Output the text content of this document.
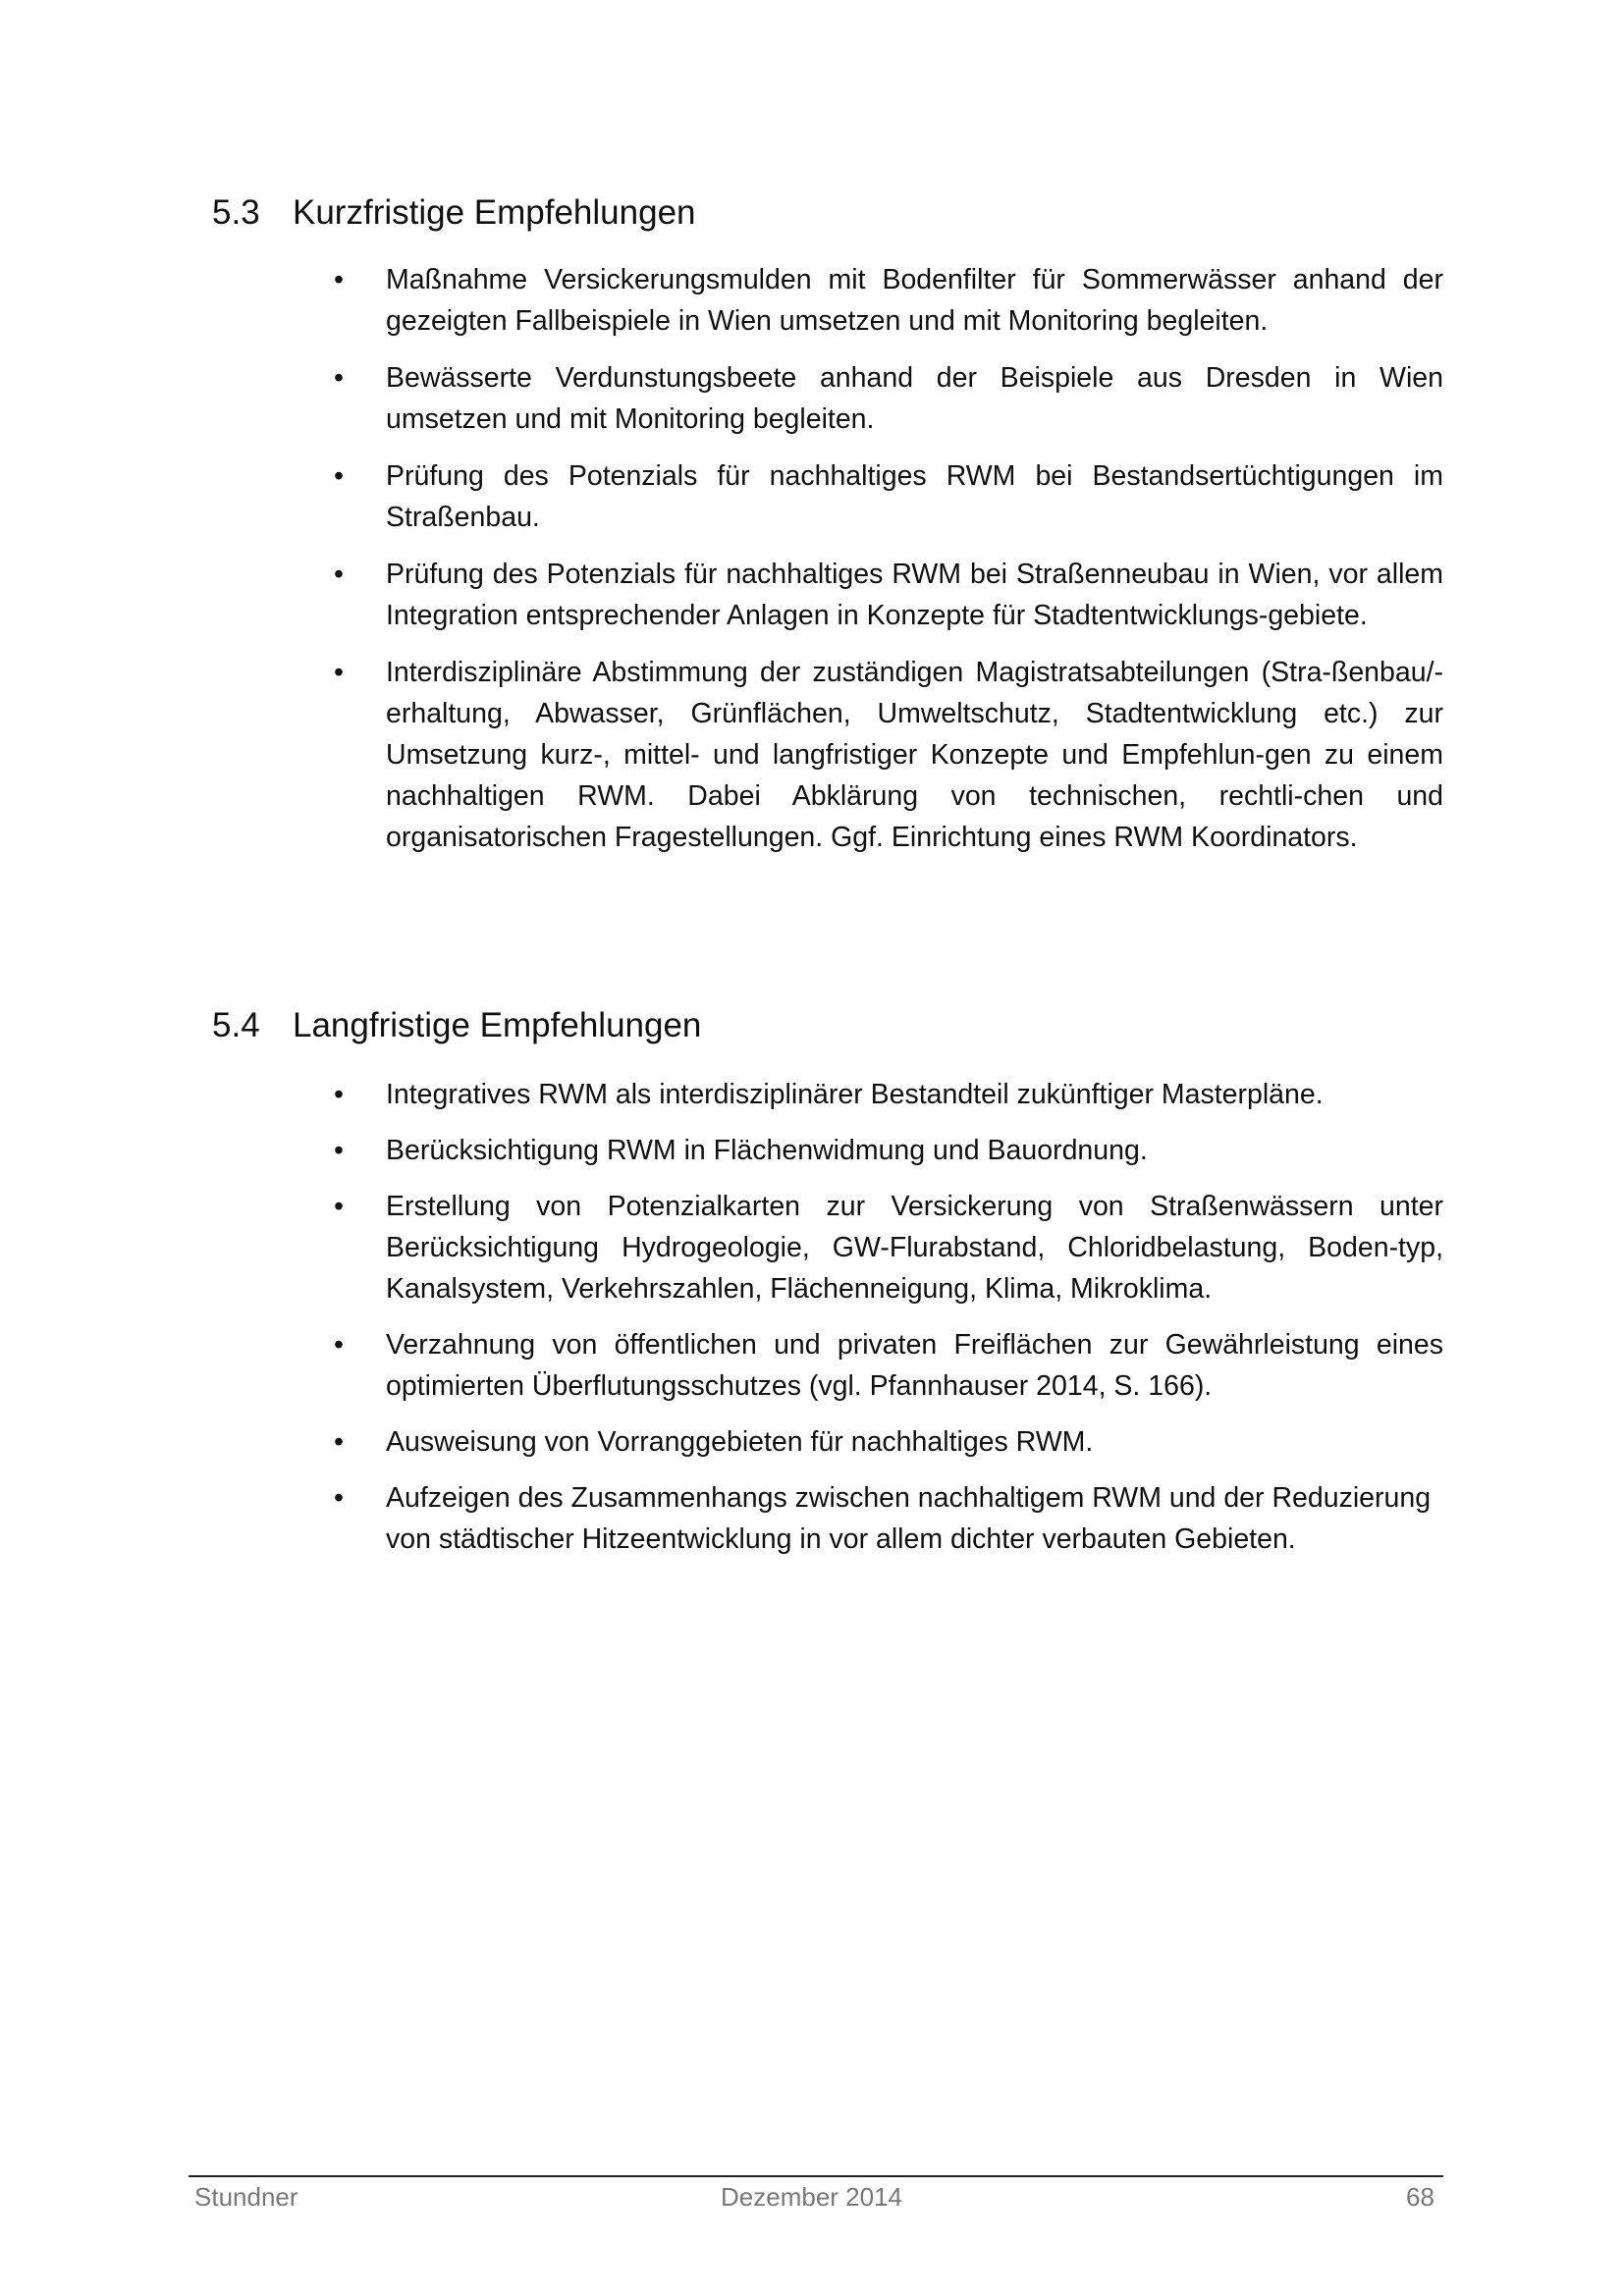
5.3 Kurzfristige Empfehlungen
•	Maßnahme Versickerungsmulden mit Bodenfilter für Sommerwässer anhand der gezeigten Fallbeispiele in Wien umsetzen und mit Monitoring begleiten.
•	Bewässerte Verdunstungsbeete anhand der Beispiele aus Dresden in Wien umsetzen und mit Monitoring begleiten.
•	Prüfung des Potenzials für nachhaltiges RWM bei Bestandsertüchtigungen im Straßenbau.
•	Prüfung des Potenzials für nachhaltiges RWM bei Straßenneubau in Wien, vor allem Integration entsprechender Anlagen in Konzepte für Stadtentwicklungs-gebiete.
•	Interdisziplinäre Abstimmung der zuständigen Magistratsabteilungen (Stra-ßenbau/-erhaltung, Abwasser, Grünflächen, Umweltschutz, Stadtentwicklung etc.) zur Umsetzung kurz-, mittel- und langfristiger Konzepte und Empfehlun-gen zu einem nachhaltigen RWM. Dabei Abklärung von technischen, rechtli-chen und organisatorischen Fragestellungen. Ggf. Einrichtung eines RWM Koordinators.
5.4 Langfristige Empfehlungen
•	Integratives RWM als interdisziplinärer Bestandteil zukünftiger Masterpläne.
•	Berücksichtigung RWM in Flächenwidmung und Bauordnung.
•	Erstellung von Potenzialkarten zur Versickerung von Straßenwässern unter Berücksichtigung Hydrogeologie, GW-Flurabstand, Chloridbelastung, Boden-typ, Kanalsystem, Verkehrszahlen, Flächenneigung, Klima, Mikroklima.
•	Verzahnung von öffentlichen und privaten Freiflächen zur Gewährleistung eines optimierten Überflutungsschutzes (vgl. Pfannhauser 2014, S. 166).
•	Ausweisung von Vorranggebieten für nachhaltiges RWM.
•	Aufzeigen des Zusammenhangs zwischen nachhaltigem RWM und der Reduzierung von städtischer Hitzeentwicklung in vor allem dichter verbauten Gebieten.
Stundner	Dezember 2014	68
